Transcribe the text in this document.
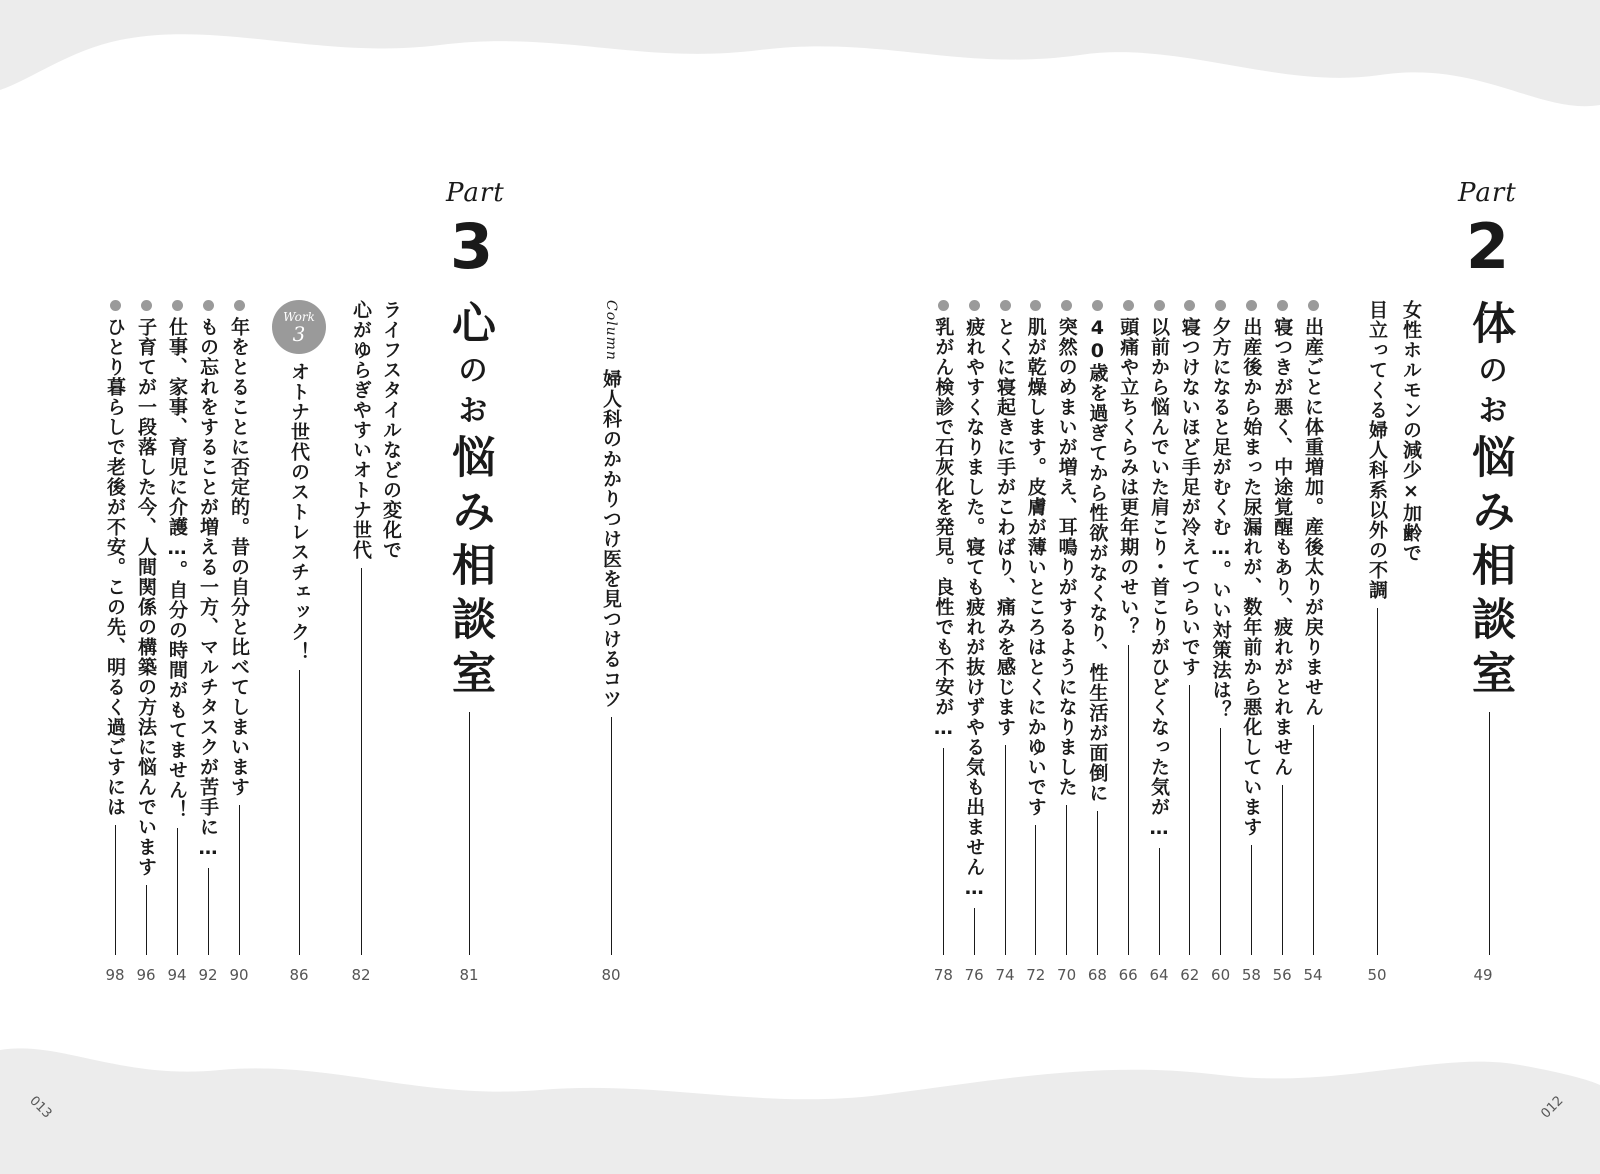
Part
2
体のお悩み相談室
49
女性ホルモンの減少×加齢で
目立ってくる婦人科系以外の不調
50
出産ごとに体重増加。産後太りが戻りません
54
寝つきが悪く、中途覚醒もあり、疲れがとれません
56
出産後から始まった尿漏れが、数年前から悪化しています
58
夕方になると足がむくむ…。いい対策法は？
60
寝つけないほど手足が冷えてつらいです
62
以前から悩んでいた肩こり・首こりがひどくなった気が…
64
頭痛や立ちくらみは更年期のせい？
66
40歳を過ぎてから性欲がなくなり、性生活が面倒に
68
突然のめまいが増え、耳鳴りがするようになりました
70
肌が乾燥します。皮膚が薄いところはとくにかゆいです
72
とくに寝起きに手がこわばり、痛みを感じます
74
疲れやすくなりました。寝ても疲れが抜けずやる気も出ません…
76
乳がん検診で石灰化を発見。良性でも不安が…
78
Column
婦人科のかかりつけ医を見つけるコツ
80
Part
3
心のお悩み相談室
81
ライフスタイルなどの変化で
心がゆらぎやすいオトナ世代
82
Work
3
オトナ世代のストレスチェック！
86
年をとることに否定的。昔の自分と比べてしまいます
90
もの忘れをすることが増える一方、マルチタスクが苦手に…
92
仕事、家事、育児に介護…。自分の時間がもてません！
94
子育てが一段落した今、人間関係の構築の方法に悩んでいます
96
ひとり暮らしで老後が不安。この先、明るく過ごすには
98
013	012
